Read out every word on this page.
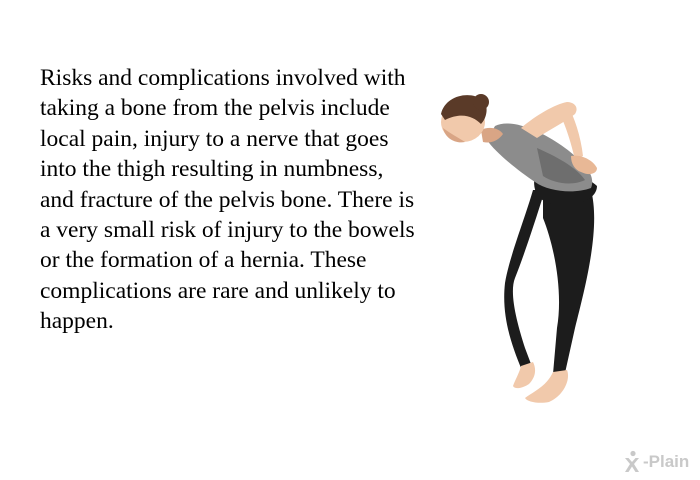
Risks and complications involved with taking a bone from the pelvis include local pain, injury to a nerve that goes into the thigh resulting in numbness, and fracture of the pelvis bone. There is a very small risk of injury to the bowels or the formation of a hernia. These complications are rare and unlikely to happen.

-Plain
